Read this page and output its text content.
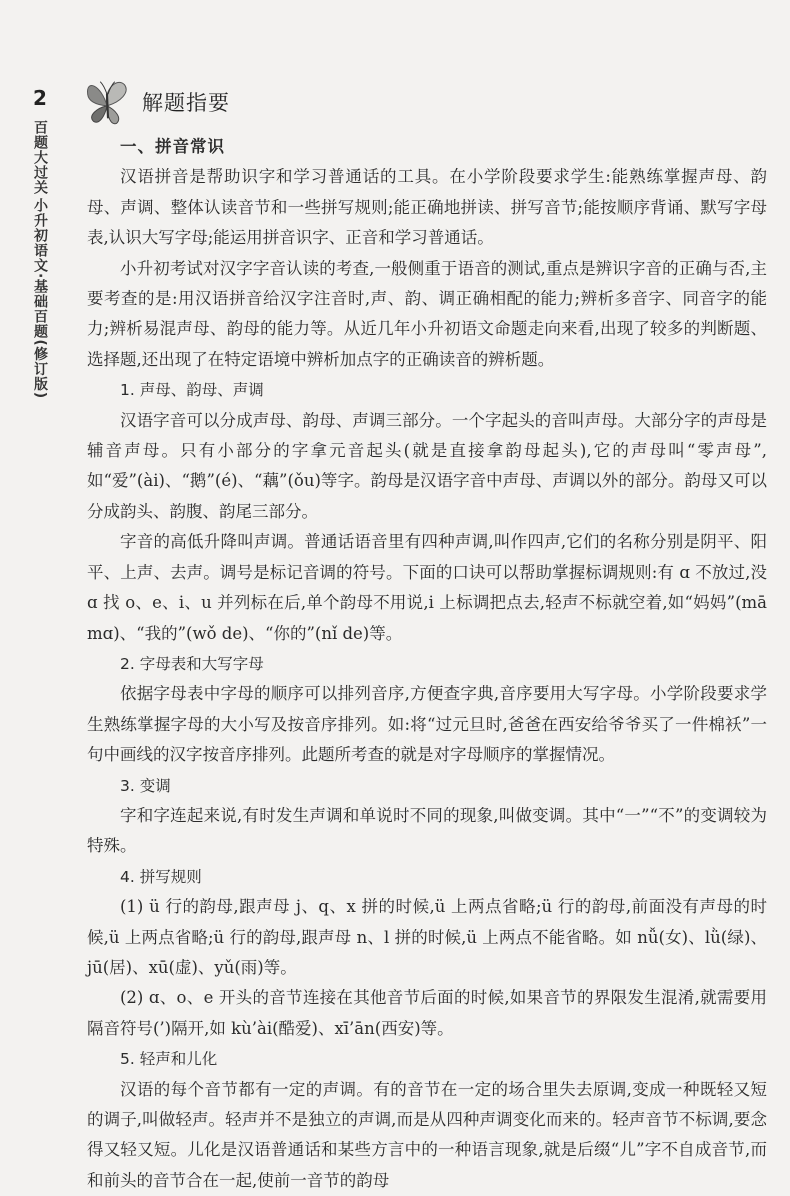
2
百题大过关
小升初语文·基础百题(修订版)
解题指要

一、拼音常识

汉语拼音是帮助识字和学习普通话的工具。在小学阶段要求学生:能熟练掌握声母、韵母、声调、整体认读音节和一些拼写规则;能正确地拼读、拼写音节;能按顺序背诵、默写字母表,认识大写字母;能运用拼音识字、正音和学习普通话。

小升初考试对汉字字音认读的考查,一般侧重于语音的测试,重点是辨识字音的正确与否,主要考查的是:用汉语拼音给汉字注音时,声、韵、调正确相配的能力;辨析多音字、同音字的能力;辨析易混声母、韵母的能力等。从近几年小升初语文命题走向来看,出现了较多的判断题、选择题,还出现了在特定语境中辨析加点字的正确读音的辨析题。

1. 声母、韵母、声调

汉语字音可以分成声母、韵母、声调三部分。一个字起头的音叫声母。大部分字的声母是辅音声母。只有小部分的字拿元音起头(就是直接拿韵母起头),它的声母叫“零声母”,如“爱”(ài)、“鹅”(é)、“藕”(ǒu)等字。韵母是汉语字音中声母、声调以外的部分。韵母又可以分成韵头、韵腹、韵尾三部分。

字音的高低升降叫声调。普通话语音里有四种声调,叫作四声,它们的名称分别是阴平、阳平、上声、去声。调号是标记音调的符号。下面的口诀可以帮助掌握标调规则:有 ɑ 不放过,没 ɑ 找 o、e、i、u 并列标在后,单个韵母不用说,i 上标调把点去,轻声不标就空着,如“妈妈”(mā mɑ)、“我的”(wǒ de)、“你的”(nǐ de)等。

2. 字母表和大写字母

依据字母表中字母的顺序可以排列音序,方便查字典,音序要用大写字母。小学阶段要求学生熟练掌握字母的大小写及按音序排列。如:将“过元旦时,爸爸在西安给爷爷买了一件棉袄”一句中画线的汉字按音序排列。此题所考查的就是对字母顺序的掌握情况。

3. 变调

字和字连起来说,有时发生声调和单说时不同的现象,叫做变调。其中“一”“不”的变调较为特殊。

4. 拼写规则

(1) ü 行的韵母,跟声母 j、q、x 拼的时候,ü 上两点省略;ü 行的韵母,前面没有声母的时候,ü 上两点省略;ü 行的韵母,跟声母 n、l 拼的时候,ü 上两点不能省略。如 nǚ(女)、lǜ(绿)、jū(居)、xū(虚)、yǔ(雨)等。

(2) ɑ、o、e 开头的音节连接在其他音节后面的时候,如果音节的界限发生混淆,就需要用隔音符号(’)隔开,如 kù’ài(酷爱)、xī’ān(西安)等。

5. 轻声和儿化

汉语的每个音节都有一定的声调。有的音节在一定的场合里失去原调,变成一种既轻又短的调子,叫做轻声。轻声并不是独立的声调,而是从四种声调变化而来的。轻声音节不标调,要念得又轻又短。儿化是汉语普通话和某些方言中的一种语言现象,就是后缀“儿”字不自成音节,而和前头的音节合在一起,使前一音节的韵母
